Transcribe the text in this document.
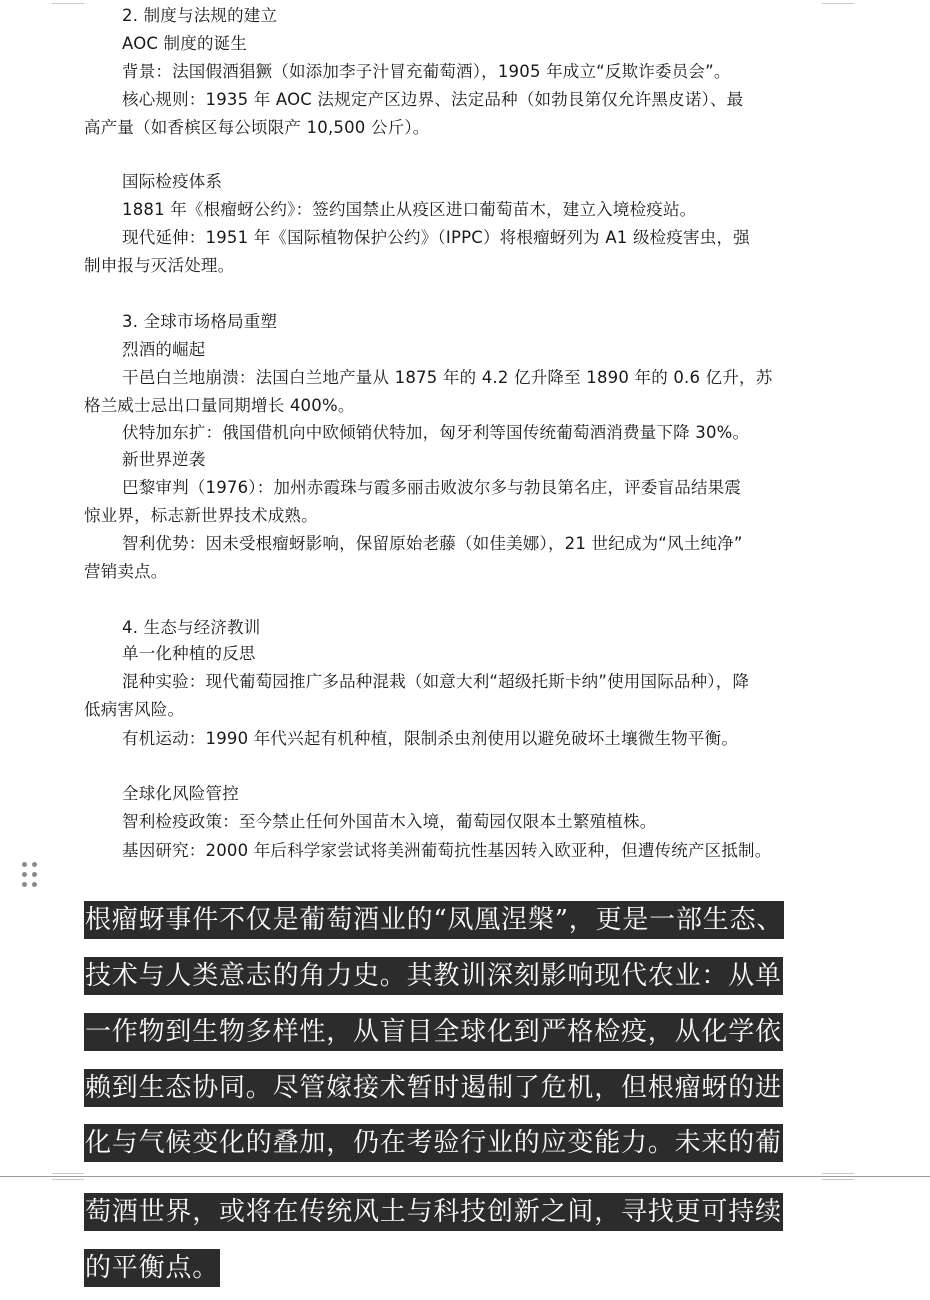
2. 制度与法规的建立
AOC 制度的诞生
背景：法国假酒猖獗（如添加李子汁冒充葡萄酒），1905 年成立“反欺诈委员会”。
核心规则：1935 年 AOC 法规定产区边界、法定品种（如勃艮第仅允许黑皮诺）、最
高产量（如香槟区每公顷限产 10,500 公斤）。
国际检疫体系
1881 年《根瘤蚜公约》：签约国禁止从疫区进口葡萄苗木，建立入境检疫站。
现代延伸：1951 年《国际植物保护公约》（IPPC）将根瘤蚜列为 A1 级检疫害虫，强
制申报与灭活处理。
3. 全球市场格局重塑
烈酒的崛起
干邑白兰地崩溃：法国白兰地产量从 1875 年的 4.2 亿升降至 1890 年的 0.6 亿升，苏
格兰威士忌出口量同期增长 400%。
伏特加东扩：俄国借机向中欧倾销伏特加，匈牙利等国传统葡萄酒消费量下降 30%。
新世界逆袭
巴黎审判（1976）：加州赤霞珠与霞多丽击败波尔多与勃艮第名庄，评委盲品结果震
惊业界，标志新世界技术成熟。
智利优势：因未受根瘤蚜影响，保留原始老藤（如佳美娜），21 世纪成为“风土纯净”
营销卖点。
4. 生态与经济教训
单一化种植的反思
混种实验：现代葡萄园推广多品种混栽（如意大利“超级托斯卡纳”使用国际品种），降
低病害风险。
有机运动：1990 年代兴起有机种植，限制杀虫剂使用以避免破坏土壤微生物平衡。
全球化风险管控
智利检疫政策：至今禁止任何外国苗木入境，葡萄园仅限本土繁殖植株。
基因研究：2000 年后科学家尝试将美洲葡萄抗性基因转入欧亚种，但遭传统产区抵制。
根瘤蚜事件不仅是葡萄酒业的“凤凰涅槃”，更是一部生态、
技术与人类意志的角力史。其教训深刻影响现代农业：从单
一作物到生物多样性，从盲目全球化到严格检疫，从化学依
赖到生态协同。尽管嫁接术暂时遏制了危机，但根瘤蚜的进
化与气候变化的叠加，仍在考验行业的应变能力。未来的葡
萄酒世界，或将在传统风土与科技创新之间，寻找更可持续
的平衡点。
